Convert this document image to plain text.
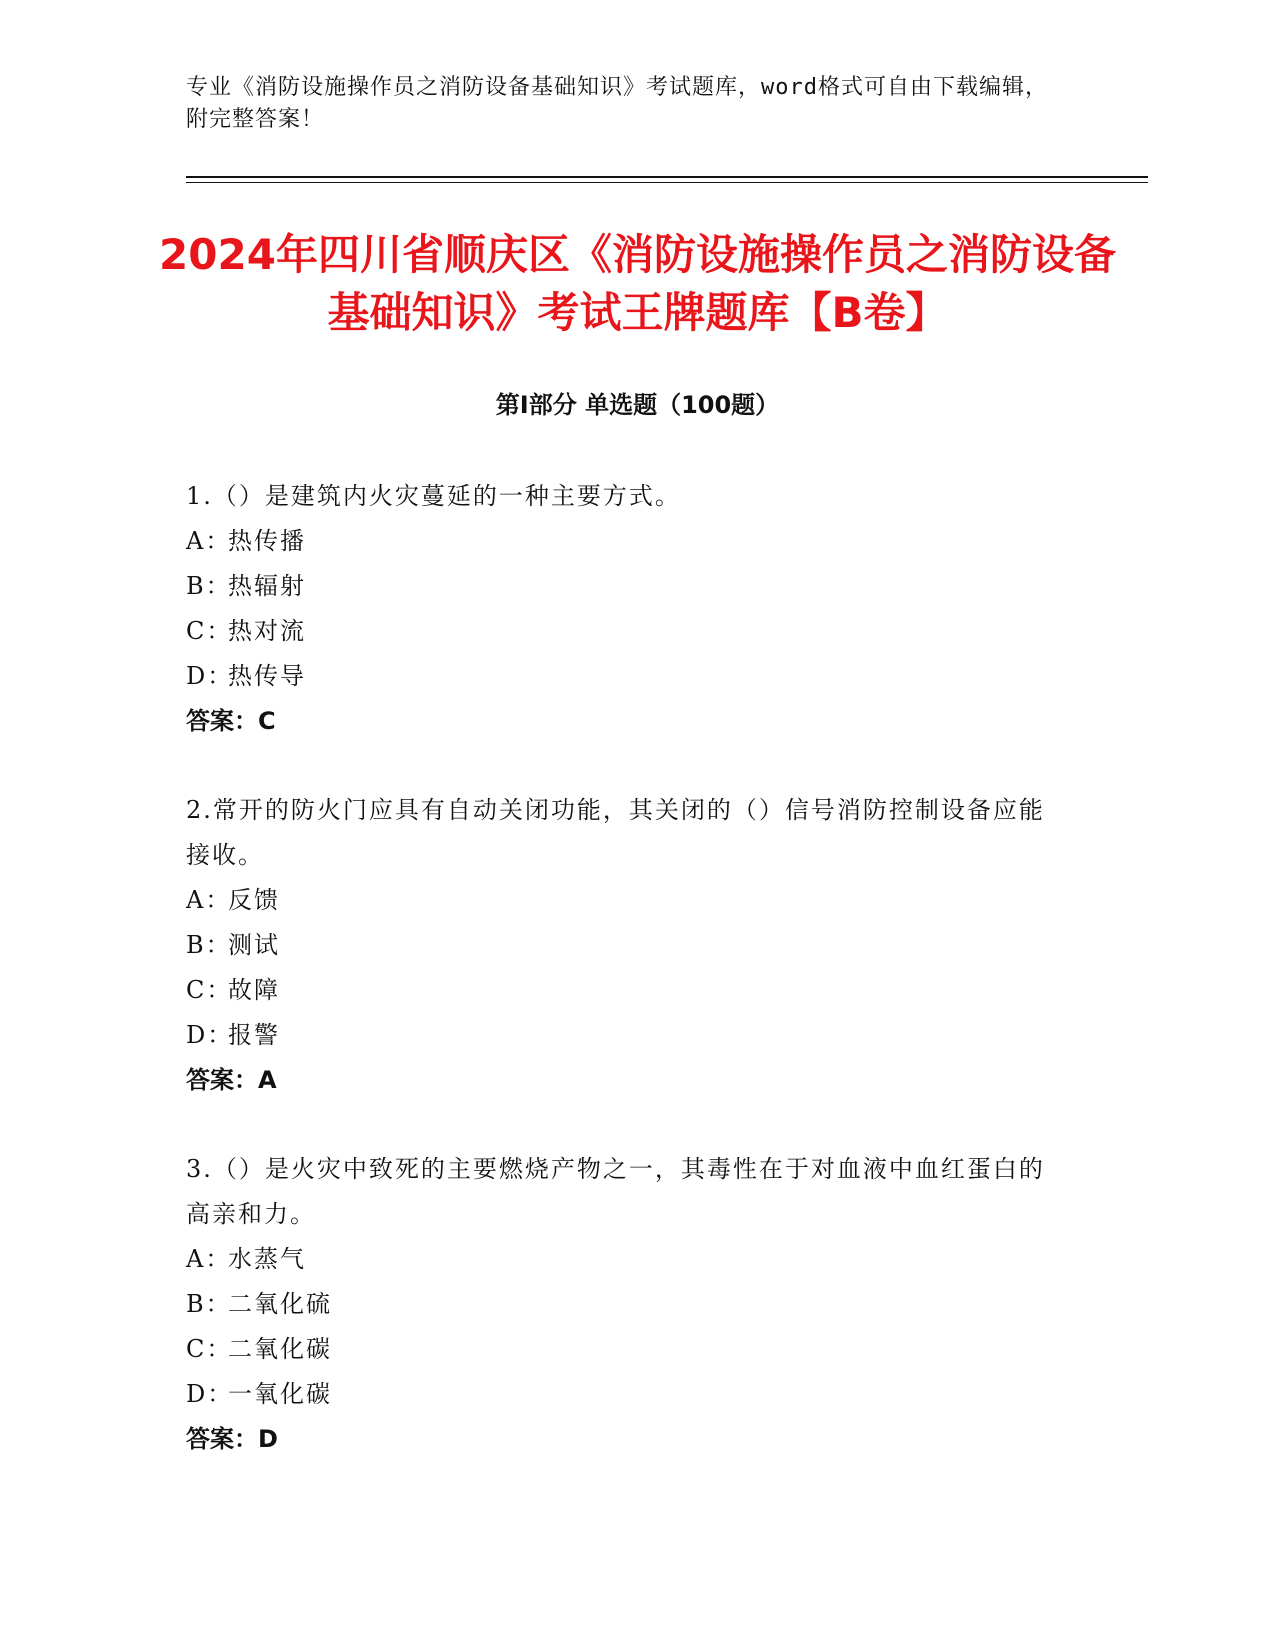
专业《消防设施操作员之消防设备基础知识》考试题库，word格式可自由下载编辑，附完整答案！
2024年四川省顺庆区《消防设施操作员之消防设备基础知识》考试王牌题库【B卷】
第Ⅰ部分 单选题（100题）
1.（）是建筑内火灾蔓延的一种主要方式。
A：热传播
B：热辐射
C：热对流
D：热传导
答案：C
2.常开的防火门应具有自动关闭功能，其关闭的（）信号消防控制设备应能接收。
A：反馈
B：测试
C：故障
D：报警
答案：A
3.（）是火灾中致死的主要燃烧产物之一，其毒性在于对血液中血红蛋白的高亲和力。
A：水蒸气
B：二氧化硫
C：二氧化碳
D：一氧化碳
答案：D
